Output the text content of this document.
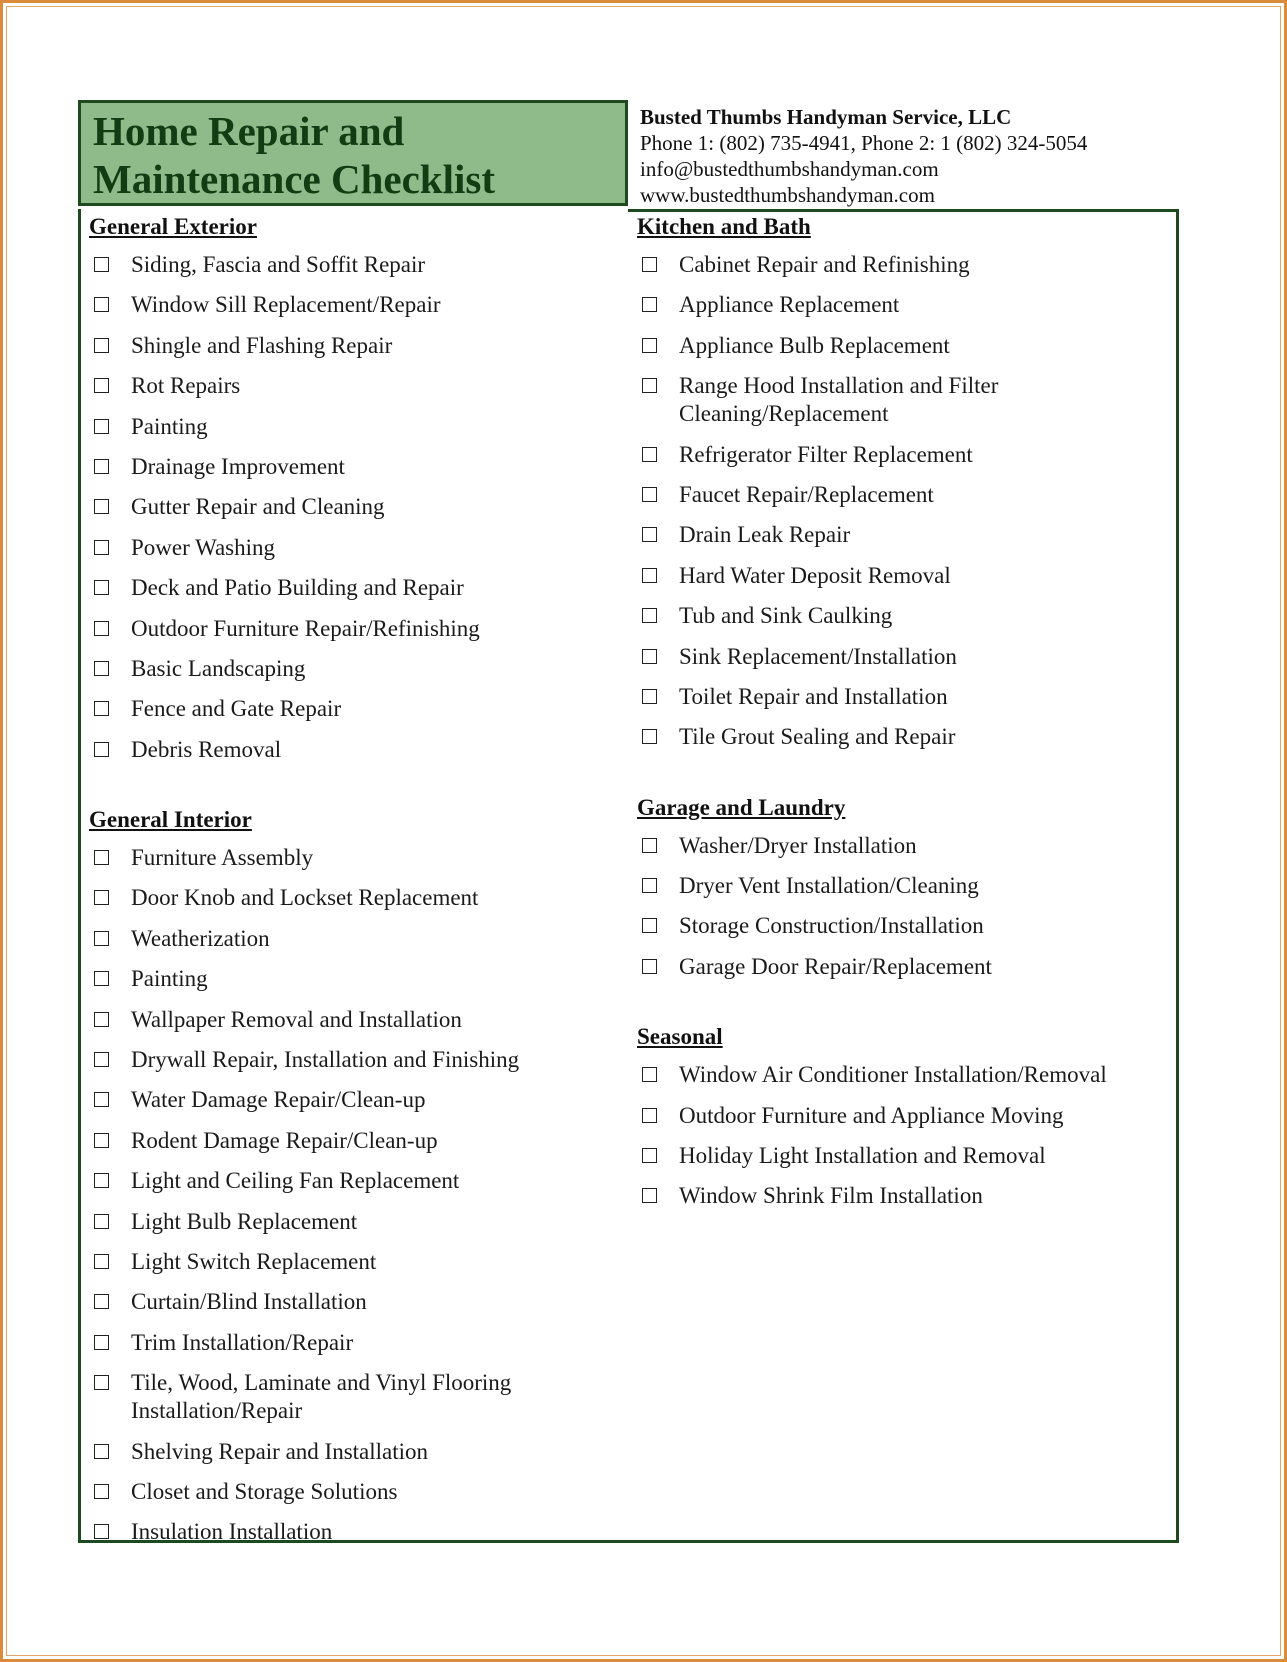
Home Repair and
Maintenance Checklist
Busted Thumbs Handyman Service, LLC
Phone 1: (802) 735-4941, Phone 2: 1 (802) 324-5054
info@bustedthumbshandyman.com
www.bustedthumbshandyman.com
General Exterior
Siding, Fascia and Soffit Repair
Window Sill Replacement/Repair
Shingle and Flashing Repair
Rot Repairs
Painting
Drainage Improvement
Gutter Repair and Cleaning
Power Washing
Deck and Patio Building and Repair
Outdoor Furniture Repair/Refinishing
Basic Landscaping
Fence and Gate Repair
Debris Removal
General Interior
Furniture Assembly
Door Knob and Lockset Replacement
Weatherization
Painting
Wallpaper Removal and Installation
Drywall Repair, Installation and Finishing
Water Damage Repair/Clean-up
Rodent Damage Repair/Clean-up
Light and Ceiling Fan Replacement
Light Bulb Replacement
Light Switch Replacement
Curtain/Blind Installation
Trim Installation/Repair
Tile, Wood, Laminate and Vinyl Flooring Installation/Repair
Shelving Repair and Installation
Closet and Storage Solutions
Insulation Installation
Kitchen and Bath
Cabinet Repair and Refinishing
Appliance Replacement
Appliance Bulb Replacement
Range Hood Installation and Filter Cleaning/Replacement
Refrigerator Filter Replacement
Faucet Repair/Replacement
Drain Leak Repair
Hard Water Deposit Removal
Tub and Sink Caulking
Sink Replacement/Installation
Toilet Repair and Installation
Tile Grout Sealing and Repair
Garage and Laundry
Washer/Dryer Installation
Dryer Vent Installation/Cleaning
Storage Construction/Installation
Garage Door Repair/Replacement
Seasonal
Window Air Conditioner Installation/Removal
Outdoor Furniture and Appliance Moving
Holiday Light Installation and Removal
Window Shrink Film Installation
